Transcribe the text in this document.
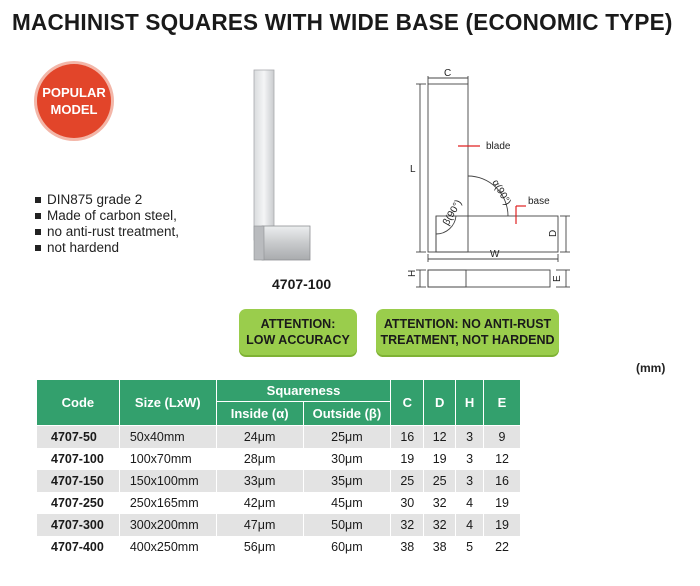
MACHINIST SQUARES WITH WIDE BASE (ECONOMIC TYPE)
POPULAR
MODEL
DIN875 grade 2
Made of carbon steel,
no anti-rust treatment,
not hardend
4707-100
C
blade
L
α(90°) base
β(90°)
D
W
H
E
ATTENTION:
LOW ACCURACY
ATTENTION: NO ANTI-RUST
TREATMENT, NOT HARDEND
(mm)
Code	Size (LxW)	Squareness		C	D	H	E
		Inside (α)	Outside (β)				
4707-50	50x40mm	24μm	25μm	16	12	3	9
4707-100	100x70mm	28μm	30μm	19	19	3	12
4707-150	150x100mm	33μm	35μm	25	25	3	16
4707-250	250x165mm	42μm	45μm	30	32	4	19
4707-300	300x200mm	47μm	50μm	32	32	4	19
4707-400	400x250mm	56μm	60μm	38	38	5	22
